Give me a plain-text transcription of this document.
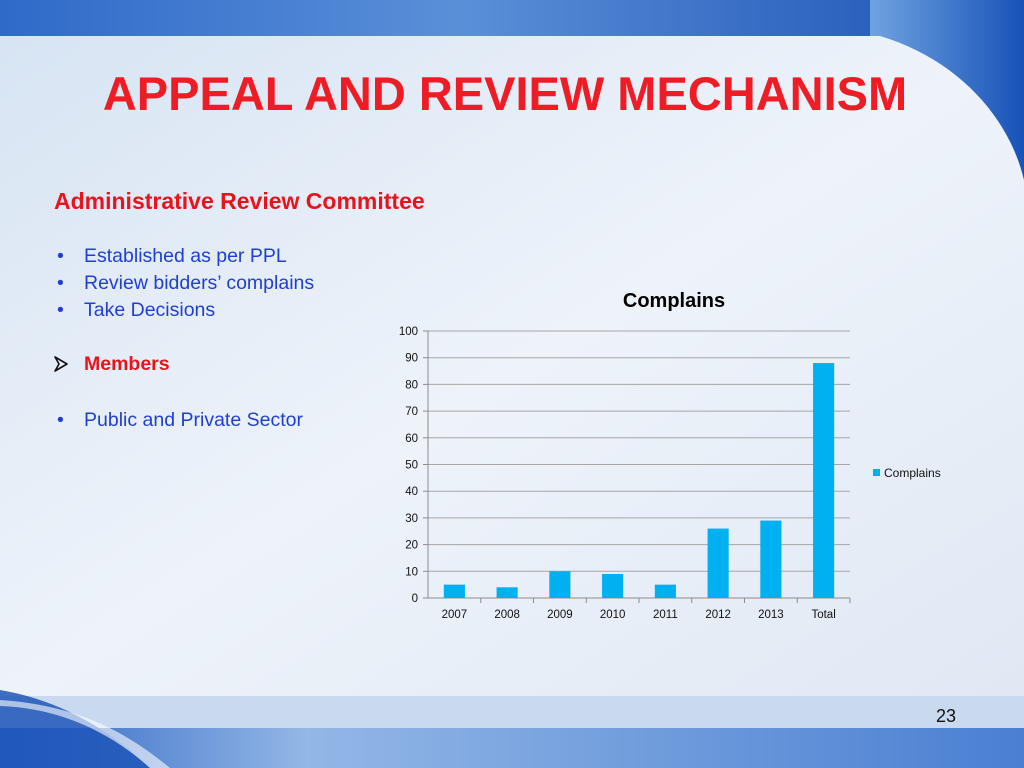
APPEAL AND REVIEW MECHANISM
Administrative Review Committee
• Established as per PPL
• Review bidders’ complains
• Take Decisions
Members
• Public and Private Sector
Complains
0
10
20
30
40
50
60
70
80
90
100
2007 2008 2009 2010 2011 2012 2013 Total
Complains
23
